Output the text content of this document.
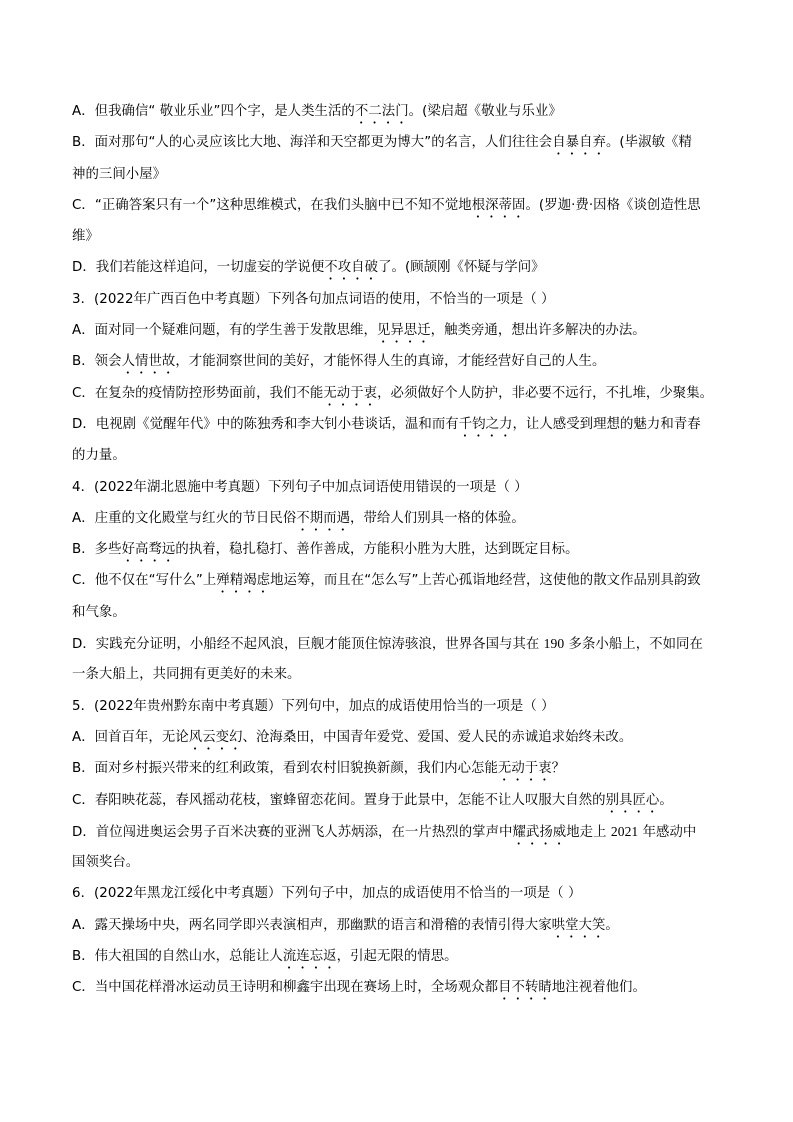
A．但我确信“ 敬业乐业”四个字，是人类生活的不二法门。(梁启超《敬业与乐业》
B．面对那句“人的心灵应该比大地、海洋和天空都更为博大”的名言，人们往往会自暴自弃。(毕淑敏《精
神的三间小屋》
C．“正确答案只有一个”这种思维模式，在我们头脑中已不知不觉地根深蒂固。(罗迦·费·因格《谈创造性思
维》
D．我们若能这样追问，一切虚妄的学说便不攻自破了。(顾颉刚《怀疑与学问》
3．(2022年广西百色中考真题）下列各句加点词语的使用，不恰当的一项是（ ）
A．面对同一个疑难问题，有的学生善于发散思维，见异思迁，触类旁通，想出许多解决的办法。
B．领会人情世故，才能洞察世间的美好，才能怀得人生的真谛，才能经营好自己的人生。
C．在复杂的疫情防控形势面前，我们不能无动于衷，必须做好个人防护，非必要不远行，不扎堆，少聚集。
D．电视剧《觉醒年代》中的陈独秀和李大钊小巷谈话，温和而有千钧之力，让人感受到理想的魅力和青春
的力量。
4．(2022年湖北恩施中考真题）下列句子中加点词语使用错误的一项是（ ）
A．庄重的文化殿堂与红火的节日民俗不期而遇，带给人们别具一格的体验。
B．多些好高骛远的执着，稳扎稳打、善作善成，方能积小胜为大胜，达到既定目标。
C．他不仅在“写什么”上殚精竭虑地运筹，而且在“怎么写”上苦心孤诣地经营，这使他的散文作品别具韵致
和气象。
D．实践充分证明，小船经不起风浪，巨舰才能顶住惊涛骇浪，世界各国与其在 190 多条小船上，不如同在
一条大船上，共同拥有更美好的未来。
5．(2022年贵州黔东南中考真题）下列句中，加点的成语使用恰当的一项是（ ）
A．回首百年，无论风云变幻、沧海桑田，中国青年爱党、爱国、爱人民的赤诚追求始终未改。
B．面对乡村振兴带来的红利政策，看到农村旧貌换新颜，我们内心怎能无动于衷？
C．春阳映花蕊，春风摇动花枝，蜜蜂留恋花间。置身于此景中，怎能不让人叹服大自然的别具匠心。
D．首位闯进奥运会男子百米决赛的亚洲飞人苏炳添，在一片热烈的掌声中耀武扬威地走上 2021 年感动中
国领奖台。
6．(2022年黑龙江绥化中考真题）下列句子中，加点的成语使用不恰当的一项是（ ）
A．露天操场中央，两名同学即兴表演相声，那幽默的语言和滑稽的表情引得大家哄堂大笑。
B．伟大祖国的自然山水，总能让人流连忘返，引起无限的情思。
C．当中国花样滑冰运动员王诗明和柳鑫宇出现在赛场上时，全场观众都目不转睛地注视着他们。
